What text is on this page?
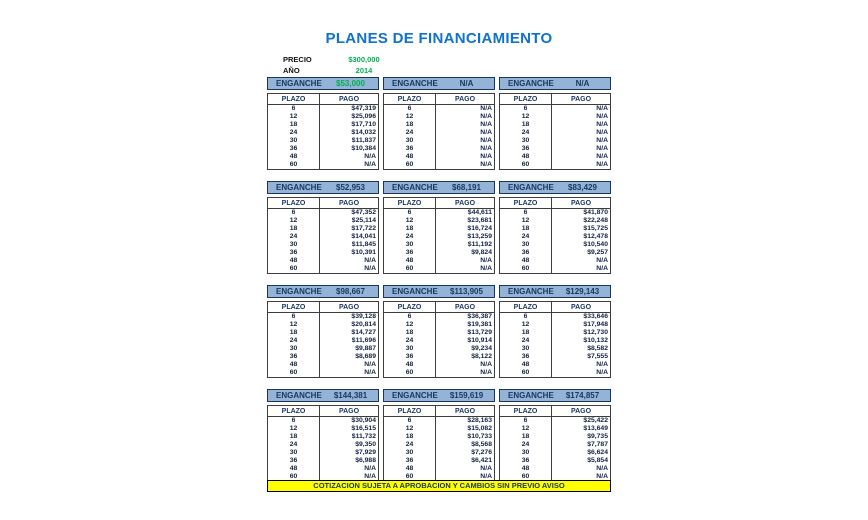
PLANES DE FINANCIAMIENTO
PRECIO	$300,000
AÑO	2014
ENGANCHE	$53,000
PLAZO	PAGO
6	$47,319
12	$25,096
18	$17,710
24	$14,032
30	$11,837
36	$10,384
48	N/A
60	N/A
ENGANCHE	N/A
PLAZO	PAGO
6	N/A
12	N/A
18	N/A
24	N/A
30	N/A
36	N/A
48	N/A
60	N/A
ENGANCHE	N/A
PLAZO	PAGO
6	N/A
12	N/A
18	N/A
24	N/A
30	N/A
36	N/A
48	N/A
60	N/A
ENGANCHE	$52,953
PLAZO	PAGO
6	$47,352
12	$25,114
18	$17,722
24	$14,041
30	$11,845
36	$10,391
48	N/A
60	N/A
ENGANCHE	$68,191
PLAZO	PAGO
6	$44,611
12	$23,681
18	$16,724
24	$13,259
30	$11,192
36	$9,824
48	N/A
60	N/A
ENGANCHE	$83,429
PLAZO	PAGO
6	$41,870
12	$22,248
18	$15,725
24	$12,478
30	$10,540
36	$9,257
48	N/A
60	N/A
ENGANCHE	$98,667
PLAZO	PAGO
6	$39,128
12	$20,814
18	$14,727
24	$11,696
30	$9,887
36	$8,689
48	N/A
60	N/A
ENGANCHE	$113,905
PLAZO	PAGO
6	$36,387
12	$19,381
18	$13,729
24	$10,914
30	$9,234
36	$8,122
48	N/A
60	N/A
ENGANCHE	$129,143
PLAZO	PAGO
6	$33,646
12	$17,948
18	$12,730
24	$10,132
30	$8,582
36	$7,555
48	N/A
60	N/A
ENGANCHE	$144,381
PLAZO	PAGO
6	$30,904
12	$16,515
18	$11,732
24	$9,350
30	$7,929
36	$6,988
48	N/A
60	N/A
ENGANCHE	$159,619
PLAZO	PAGO
6	$28,163
12	$15,082
18	$10,733
24	$8,568
30	$7,276
36	$6,421
48	N/A
60	N/A
ENGANCHE	$174,857
PLAZO	PAGO
6	$25,422
12	$13,649
18	$9,735
24	$7,787
30	$6,624
36	$5,854
48	N/A
60	N/A
COTIZACION SUJETA A APROBACION Y CAMBIOS SIN PREVIO AVISO
